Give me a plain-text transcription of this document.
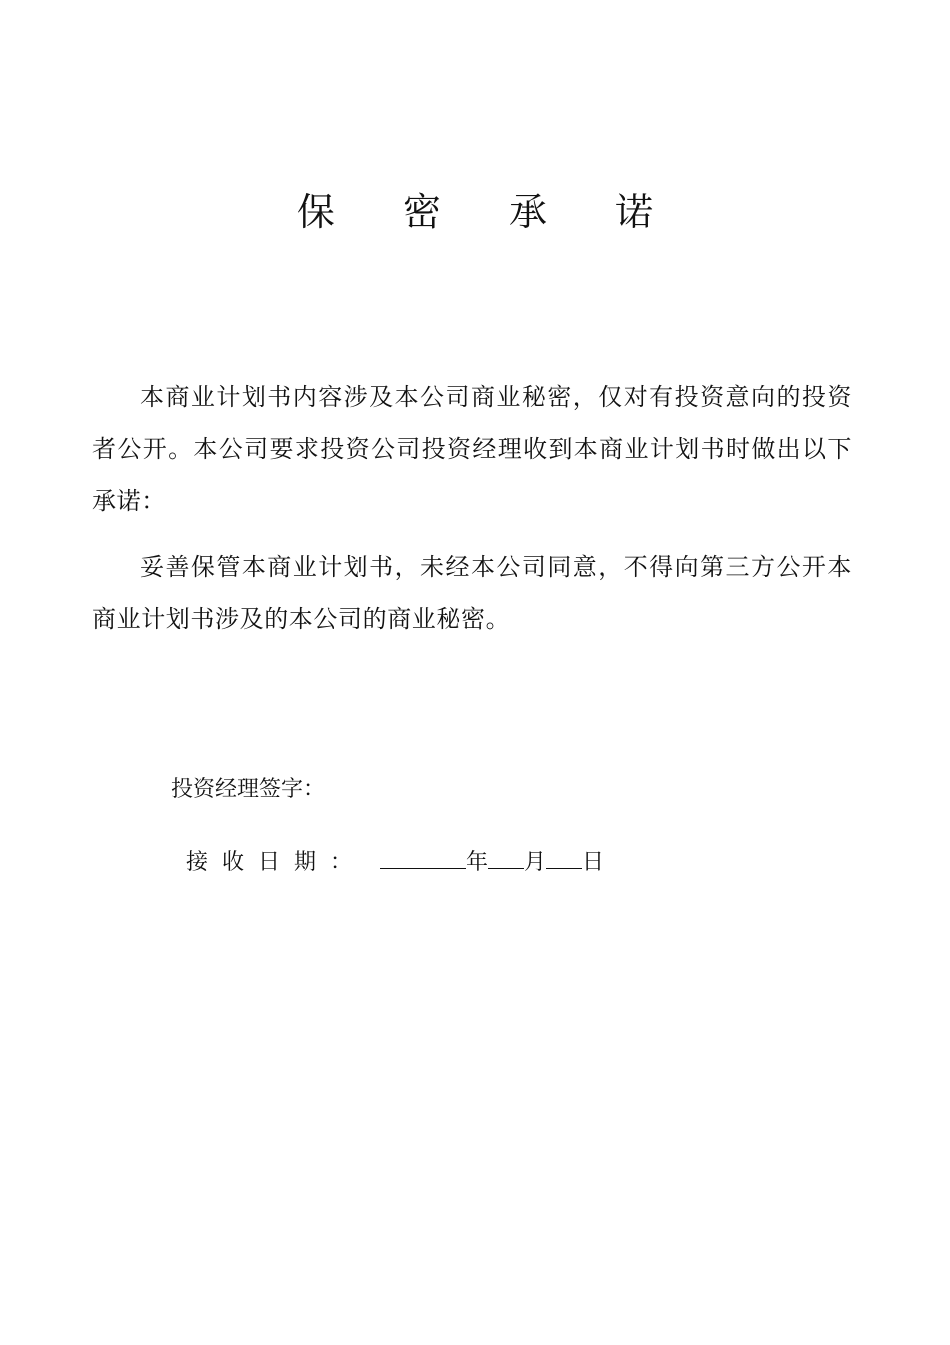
保 密 承 诺

本商业计划书内容涉及本公司商业秘密，仅对有投资意向的投资者公开。本公司要求投资公司投资经理收到本商业计划书时做出以下承诺：

妥善保管本商业计划书，未经本公司同意，不得向第三方公开本商业计划书涉及的本公司的商业秘密。

投资经理签字：

接收日期：	年 月 日
